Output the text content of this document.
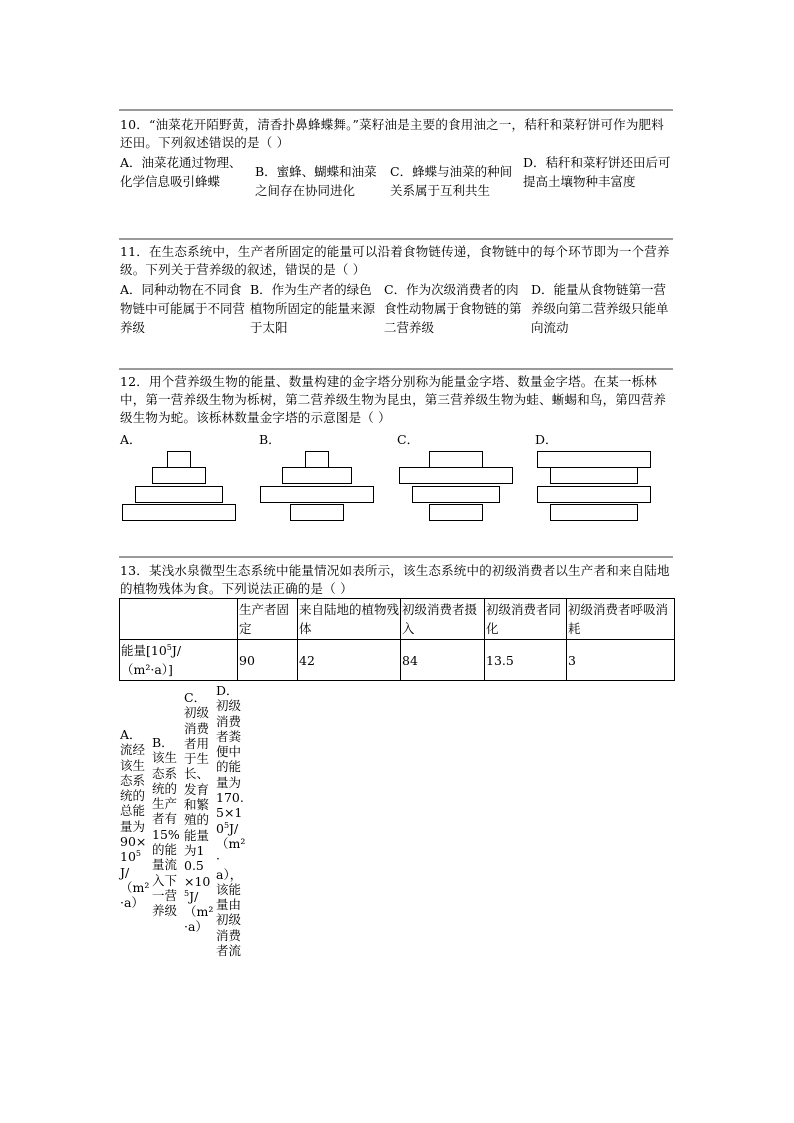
10．“油菜花开陌野黄，清香扑鼻蜂蝶舞。”菜籽油是主要的食用油之一，秸秆和菜籽饼可作为肥料还田。下列叙述错误的是（ ）
A．油菜花通过物理、化学信息吸引蜂蝶
B．蜜蜂、蝴蝶和油菜之间存在协同进化
C．蜂蝶与油菜的种间关系属于互利共生
D．秸秆和菜籽饼还田后可提高土壤物种丰富度
11．在生态系统中，生产者所固定的能量可以沿着食物链传递，食物链中的每个环节即为一个营养级。下列关于营养级的叙述，错误的是（ ）
A．同种动物在不同食物链中可能属于不同营养级
B．作为生产者的绿色植物所固定的能量来源于太阳
C．作为次级消费者的肉食性动物属于食物链的第二营养级
D．能量从食物链第一营养级向第二营养级只能单向流动
12．用个营养级生物的能量、数量构建的金字塔分别称为能量金字塔、数量金字塔。在某一栎林中，第一营养级生物为栎树，第二营养级生物为昆虫，第三营养级生物为蛙、蜥蜴和鸟，第四营养级生物为蛇。该栎林数量金字塔的示意图是（ ）
A．	B．	C．	D．
13．某浅水泉微型生态系统中能量情况如表所示，该生态系统中的初级消费者以生产者和来自陆地的植物残体为食。下列说法正确的是（ ）
	生产者固定	来自陆地的植物残体	初级消费者摄入	初级消费者同化	初级消费者呼吸消耗
能量[$10^5J/$
（m²·a）]	90	42	84	13.5	3
A．流经该生态系统的总能量为$90\times 10^5J/(m^2\cdot a)$
B．该生态系统的生产者有15%的能量流入下一营养级
C．初级消费者用于生长、发育和繁殖的能量为$10.5\times 10^5J/(m^2\cdot a)$
D．初级消费者粪便中的能量为$170.5\times 10^5J/(m^2\cdot a)$，该能量由初级消费者流
